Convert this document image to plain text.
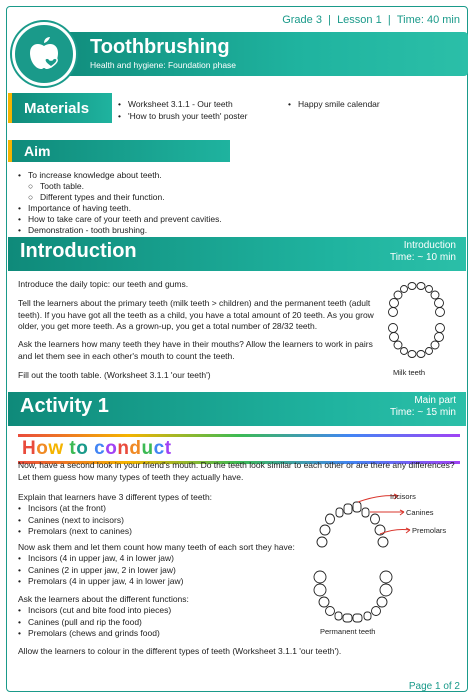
Grade 3 | Lesson 1 | Time: 40 min
Toothbrushing
Health and hygiene: Foundation phase
Materials
•	Worksheet 3.1.1 - Our teeth
• 'How to brush your teeth' poster
• Happy smile calendar
Aim
• To increase knowledge about teeth.
○ Tooth table.
○ Different types and their function.
• Importance of having teeth.
• How to take care of your teeth and prevent cavities.
• Demonstration - tooth brushing.
Introduction	Introduction
Time: ~ 10 min
Introduce the daily topic: our teeth and gums.
Tell the learners about the primary teeth (milk teeth > children) and the permanent teeth (adult teeth). If you have got all the teeth as a child, you have a total amount of 20 teeth. As you grow older, you get more teeth. As a grown-up, you get a total number of 28/32 teeth.
Ask the learners how many teeth they have in their mouths? Allow the learners to work in pairs and let them see in each other's mouth to count the teeth.
Fill out the tooth table. (Worksheet 3.1.1 'our teeth')	Milk teeth
Activity 1	Main part
Time: ~ 15 min
How to conduct
Now, have a second look in your friend's mouth. Do the teeth look similar to each other or are there any differences? Let them guess how many types of teeth they actually have.
Explain that learners have 3 different types of teeth:
• Incisors (at the front)
• Canines (next to incisors)
• Premolars (next to canines)
Now ask them and let them count how many teeth of each sort they have:
• Incisors (4 in upper jaw, 4 in lower jaw)
• Canines (2 in upper jaw, 2 in lower jaw)
• Premolars (4 in upper jaw, 4 in lower jaw)
Ask the learners about the different functions:
• Incisors (cut and bite food into pieces)
• Canines (pull and rip the food)
• Premolars (chews and grinds food)
Allow the learners to colour in the different types of teeth (Worksheet 3.1.1 'our teeth').
Incisors
Canines
Premolars
Permanent teeth
Page 1 of 2
